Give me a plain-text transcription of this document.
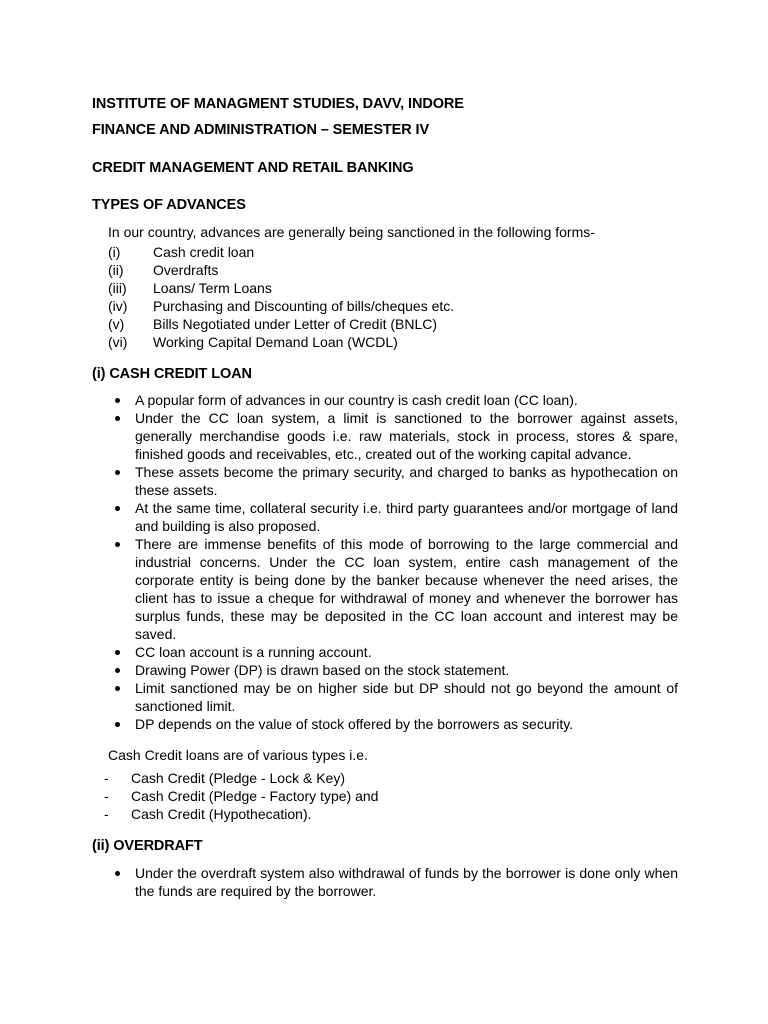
INSTITUTE OF MANAGMENT STUDIES, DAVV, INDORE
FINANCE AND ADMINISTRATION – SEMESTER IV
CREDIT MANAGEMENT AND RETAIL BANKING
TYPES OF ADVANCES
In our country, advances are generally being sanctioned in the following forms-
(i) Cash credit loan
(ii) Overdrafts
(iii) Loans/ Term Loans
(iv) Purchasing and Discounting of bills/cheques etc.
(v) Bills Negotiated under Letter of Credit (BNLC)
(vi) Working Capital Demand Loan (WCDL)
(i) CASH CREDIT LOAN
A popular form of advances in our country is cash credit loan (CC loan).
Under the CC loan system, a limit is sanctioned to the borrower against assets, generally merchandise goods i.e. raw materials, stock in process, stores & spare, finished goods and receivables, etc., created out of the working capital advance.
These assets become the primary security, and charged to banks as hypothecation on these assets.
At the same time, collateral security i.e. third party guarantees and/or mortgage of land and building is also proposed.
There are immense benefits of this mode of borrowing to the large commercial and industrial concerns. Under the CC loan system, entire cash management of the corporate entity is being done by the banker because whenever the need arises, the client has to issue a cheque for withdrawal of money and whenever the borrower has surplus funds, these may be deposited in the CC loan account and interest may be saved.
CC loan account is a running account.
Drawing Power (DP) is drawn based on the stock statement.
Limit sanctioned may be on higher side but DP should not go beyond the amount of sanctioned limit.
DP depends on the value of stock offered by the borrowers as security.
Cash Credit loans are of various types i.e.
- Cash Credit (Pledge - Lock & Key)
- Cash Credit (Pledge - Factory type) and
- Cash Credit (Hypothecation).
(ii) OVERDRAFT
Under the overdraft system also withdrawal of funds by the borrower is done only when the funds are required by the borrower.
